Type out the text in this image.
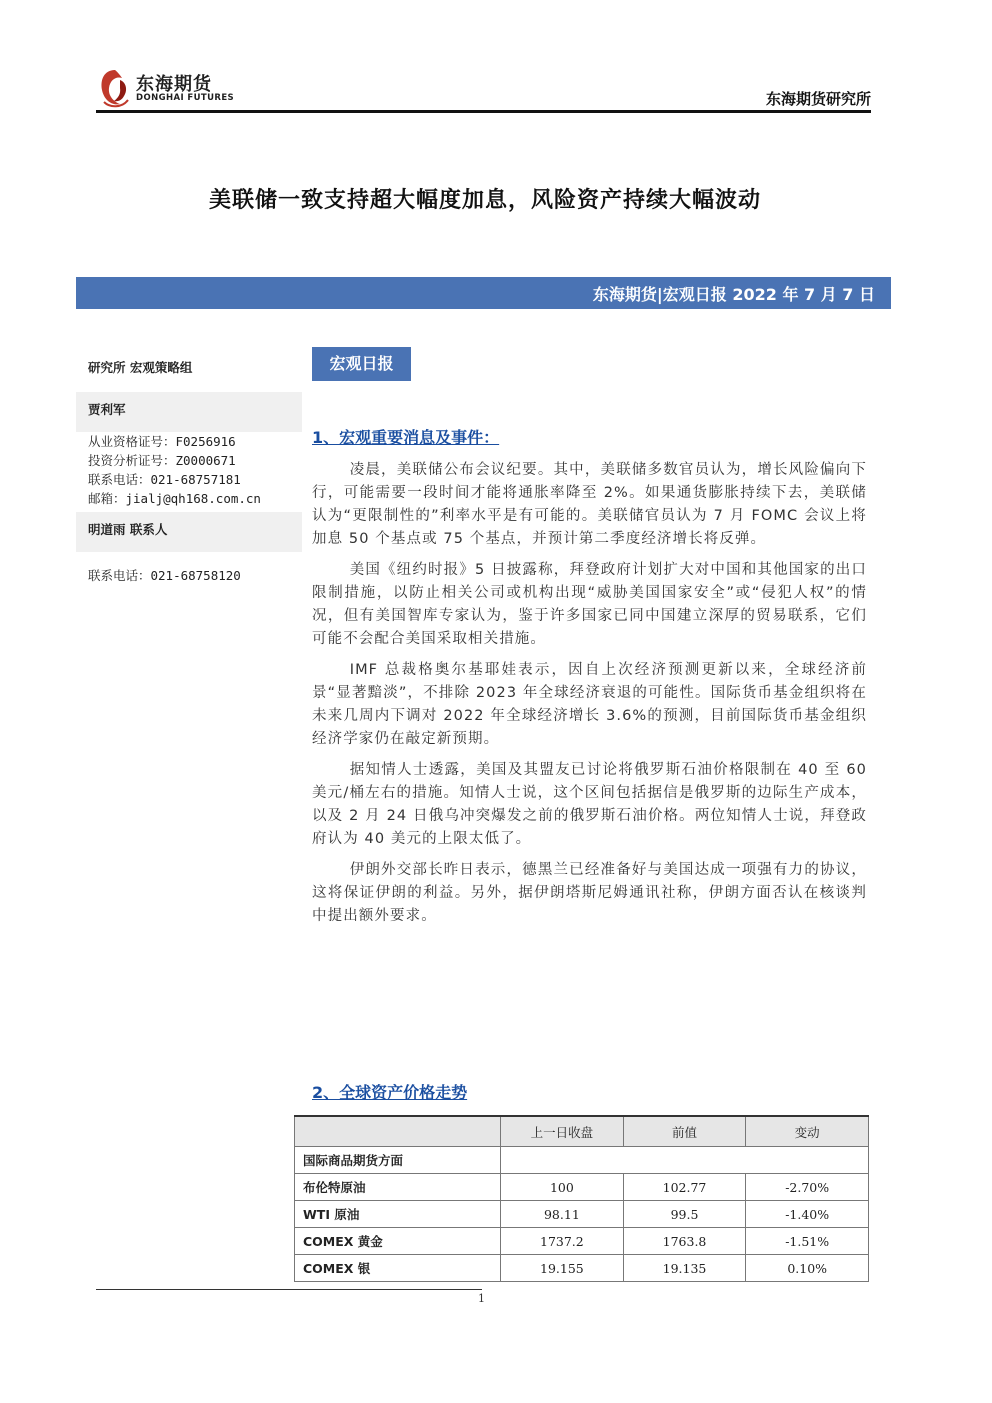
东海期货
DONGHAI FUTURES	东海期货研究所
美联储一致支持超大幅度加息，风险资产持续大幅波动
东海期货|宏观日报 2022 年 7 月 7 日
研究所 宏观策略组
贾利军
从业资格证号：F0256916
投资分析证号：Z0000671
联系电话：021-68757181
邮箱：jialj@qh168.com.cn
明道雨 联系人
联系电话：021-68758120
宏观日报
1、宏观重要消息及事件：

凌晨，美联储公布会议纪要。其中，美联储多数官员认为，增长风险偏向下行，可能需要一段时间才能将通胀率降至 2%。如果通货膨胀持续下去，美联储认为“更限制性的”利率水平是有可能的。美联储官员认为 7 月 FOMC 会议上将加息 50 个基点或 75 个基点，并预计第二季度经济增长将反弹。

美国《纽约时报》5 日披露称，拜登政府计划扩大对中国和其他国家的出口限制措施，以防止相关公司或机构出现“威胁美国国家安全”或“侵犯人权”的情况，但有美国智库专家认为，鉴于许多国家已同中国建立深厚的贸易联系，它们可能不会配合美国采取相关措施。

IMF 总裁格奥尔基耶娃表示，因自上次经济预测更新以来，全球经济前景“显著黯淡”，不排除 2023 年全球经济衰退的可能性。国际货币基金组织将在未来几周内下调对 2022 年全球经济增长 3.6%的预测，目前国际货币基金组织经济学家仍在敲定新预期。

据知情人士透露，美国及其盟友已讨论将俄罗斯石油价格限制在 40 至 60 美元/桶左右的措施。知情人士说，这个区间包括据信是俄罗斯的边际生产成本，以及 2 月 24 日俄乌冲突爆发之前的俄罗斯石油价格。两位知情人士说，拜登政府认为 40 美元的上限太低了。

伊朗外交部长昨日表示，德黑兰已经准备好与美国达成一项强有力的协议，这将保证伊朗的利益。另外，据伊朗塔斯尼姆通讯社称，伊朗方面否认在核谈判中提出额外要求。

2、全球资产价格走势
	上一日收盘	前值	变动
国际商品期货方面			
布伦特原油	100	102.77	-2.70%
WTI 原油	98.11	99.5	-1.40%
COMEX 黄金	1737.2	1763.8	-1.51%
COMEX 银	19.155	19.135	0.10%
1
